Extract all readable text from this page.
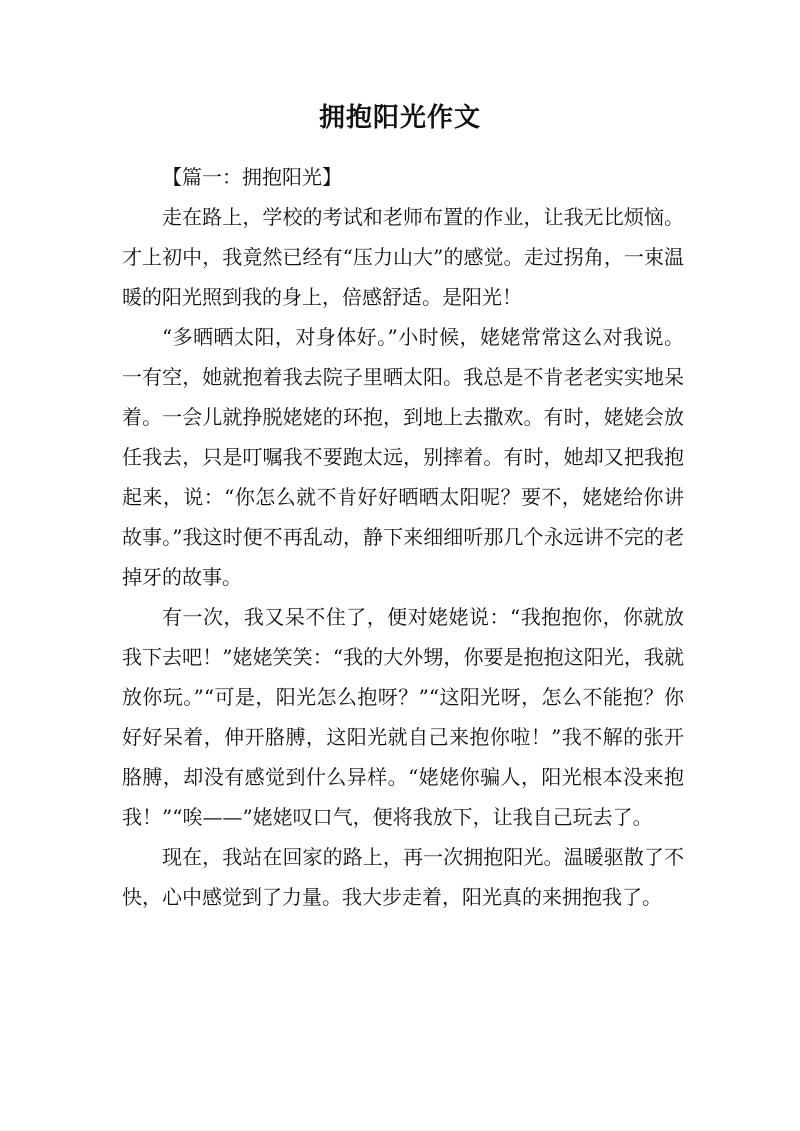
拥抱阳光作文

【篇一：拥抱阳光】

走在路上，学校的考试和老师布置的作业，让我无比烦恼。才上初中，我竟然已经有“压力山大”的感觉。走过拐角，一束温暖的阳光照到我的身上，倍感舒适。是阳光！

“多晒晒太阳，对身体好。”小时候，姥姥常常这么对我说。一有空，她就抱着我去院子里晒太阳。我总是不肯老老实实地呆着。一会儿就挣脱姥姥的环抱，到地上去撒欢。有时，姥姥会放任我去，只是叮嘱我不要跑太远，别摔着。有时，她却又把我抱起来，说：“你怎么就不肯好好晒晒太阳呢？要不，姥姥给你讲故事。”我这时便不再乱动，静下来细细听那几个永远讲不完的老掉牙的故事。

有一次，我又呆不住了，便对姥姥说：“我抱抱你，你就放我下去吧！”姥姥笑笑：“我的大外甥，你要是抱抱这阳光，我就放你玩。”“可是，阳光怎么抱呀？”“这阳光呀，怎么不能抱？你好好呆着，伸开胳膊，这阳光就自己来抱你啦！”我不解的张开胳膊，却没有感觉到什么异样。“姥姥你骗人，阳光根本没来抱我！”“唉——”姥姥叹口气，便将我放下，让我自己玩去了。

现在，我站在回家的路上，再一次拥抱阳光。温暖驱散了不快，心中感觉到了力量。我大步走着，阳光真的来拥抱我了。
